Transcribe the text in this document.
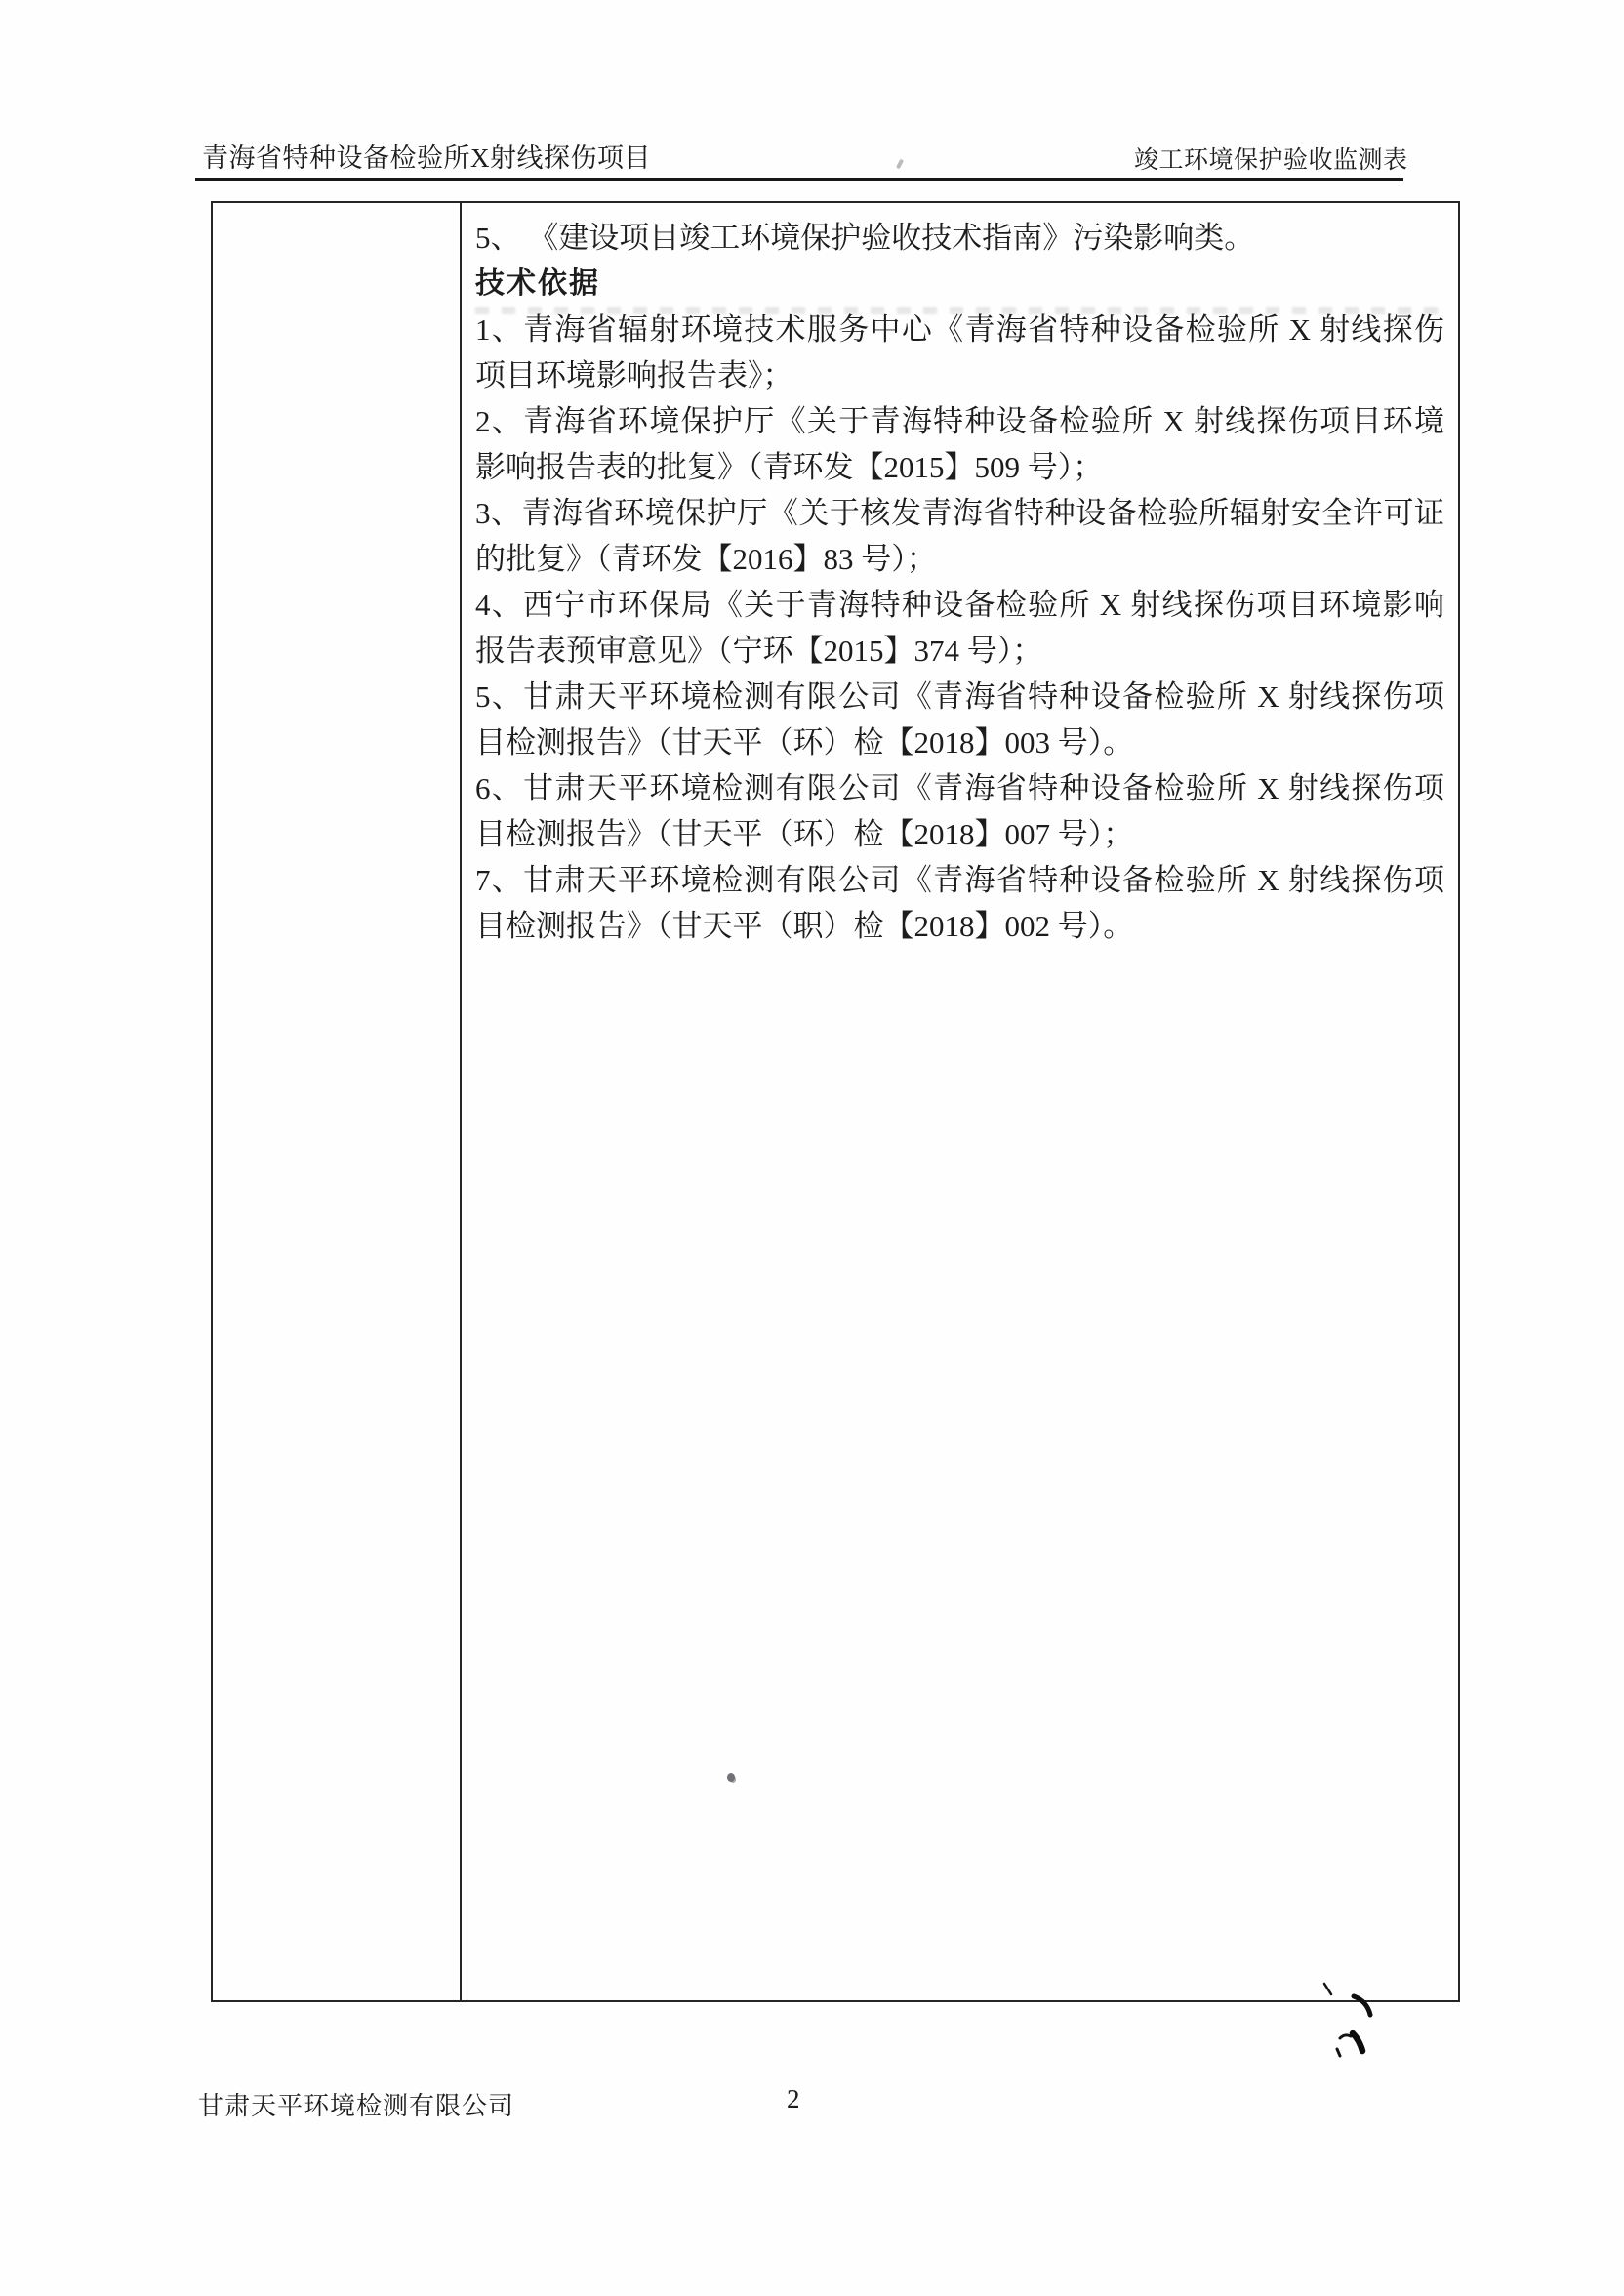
青海省特种设备检验所X射线探伤项目	竣工环境保护验收监测表
5、 《建设项目竣工环境保护验收技术指南》污染影响类。
技术依据
1、青海省辐射环境技术服务中心《青海省特种设备检验所 X 射线探伤
项目环境影响报告表》；
2、青海省环境保护厅《关于青海特种设备检验所 X 射线探伤项目环境
影响报告表的批复》（青环发【2015】509 号）；
3、青海省环境保护厅《关于核发青海省特种设备检验所辐射安全许可证
的批复》（青环发【2016】83 号）；
4、西宁市环保局《关于青海特种设备检验所 X 射线探伤项目环境影响
报告表预审意见》（宁环【2015】374 号）；
5、甘肃天平环境检测有限公司《青海省特种设备检验所 X 射线探伤项
目检测报告》（甘天平（环）检【2018】003 号）。
6、甘肃天平环境检测有限公司《青海省特种设备检验所 X 射线探伤项
目检测报告》（甘天平（环）检【2018】007 号）；
7、甘肃天平环境检测有限公司《青海省特种设备检验所 X 射线探伤项
目检测报告》（甘天平（职）检【2018】002 号）。
甘肃天平环境检测有限公司	2
